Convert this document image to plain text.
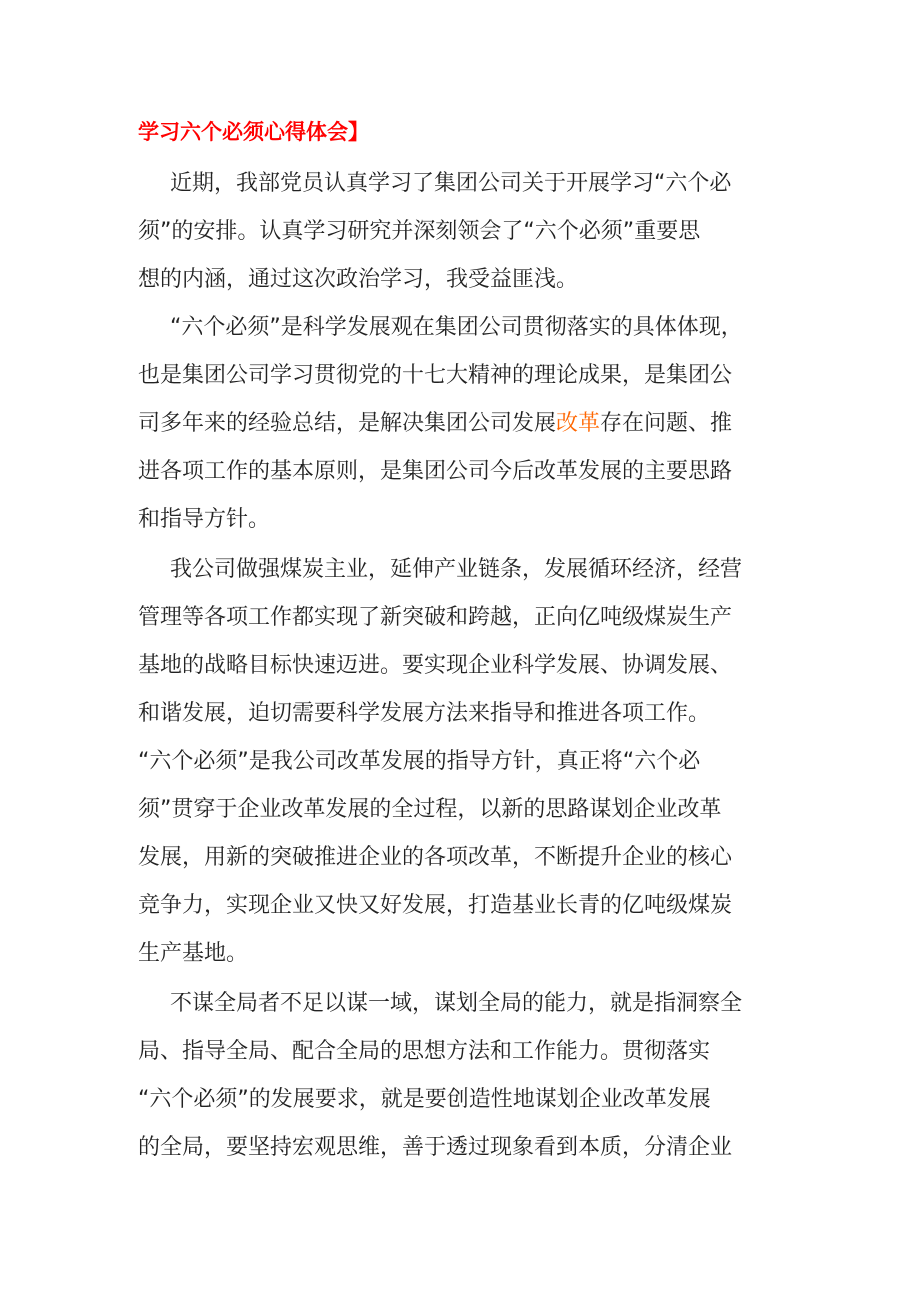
学习六个必须心得体会】
近期，我部党员认真学习了集团公司关于开展学习“六个必
须”的安排。认真学习研究并深刻领会了“六个必须”重要思
想的内涵，通过这次政治学习，我受益匪浅。
“六个必须”是科学发展观在集团公司贯彻落实的具体体现，
也是集团公司学习贯彻党的十七大精神的理论成果，是集团公
司多年来的经验总结，是解决集团公司发展改革存在问题、推
进各项工作的基本原则，是集团公司今后改革发展的主要思路
和指导方针。
我公司做强煤炭主业，延伸产业链条，发展循环经济，经营
管理等各项工作都实现了新突破和跨越，正向亿吨级煤炭生产
基地的战略目标快速迈进。要实现企业科学发展、协调发展、
和谐发展，迫切需要科学发展方法来指导和推进各项工作。
“六个必须”是我公司改革发展的指导方针，真正将“六个必
须”贯穿于企业改革发展的全过程，以新的思路谋划企业改革
发展，用新的突破推进企业的各项改革，不断提升企业的核心
竞争力，实现企业又快又好发展，打造基业长青的亿吨级煤炭
生产基地。
不谋全局者不足以谋一域，谋划全局的能力，就是指洞察全
局、指导全局、配合全局的思想方法和工作能力。贯彻落实
“六个必须”的发展要求，就是要创造性地谋划企业改革发展
的全局，要坚持宏观思维，善于透过现象看到本质，分清企业
